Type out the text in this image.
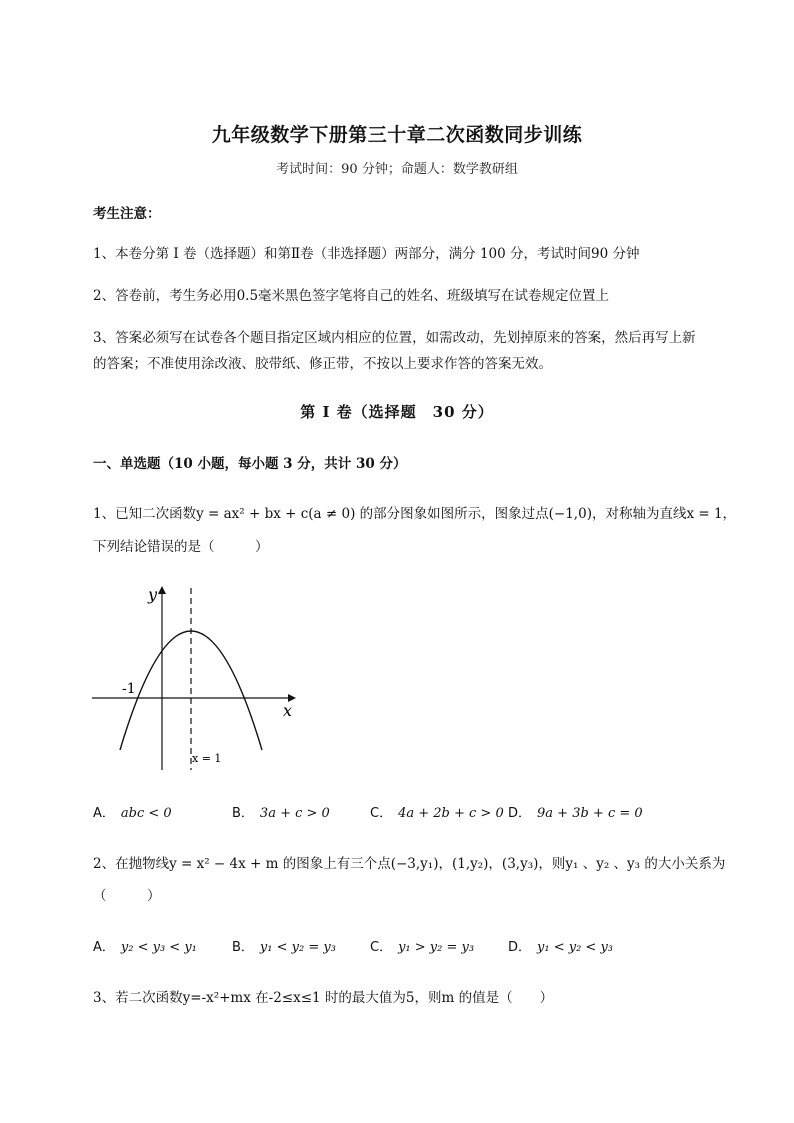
九年级数学下册第三十章二次函数同步训练
考试时间：90 分钟；命题人：数学教研组
考生注意：
1、本卷分第 I 卷（选择题）和第Ⅱ卷（非选择题）两部分，满分 100 分，考试时间90 分钟
2、答卷前，考生务必用0.5毫米黑色签字笔将自己的姓名、班级填写在试卷规定位置上
3、答案必须写在试卷各个题目指定区域内相应的位置，如需改动，先划掉原来的答案，然后再写上新
的答案；不准使用涂改液、胶带纸、修正带，不按以上要求作答的答案无效。
第 I 卷（选择题　30 分）
一、单选题（10 小题，每小题 3 分，共计 30 分）
1、已知二次函数y = ax² + bx + c(a ≠ 0) 的部分图象如图所示，图象过点(−1,0)，对称轴为直线x = 1，
下列结论错误的是（　　　）
y
x
-1
x = 1
A． abc < 0	B． 3a + c > 0	C． 4a + 2b + c > 0 D． 9a + 3b + c = 0
2、在抛物线y = x² − 4x + m 的图象上有三个点(−3,y₁)，(1,y₂)，(3,y₃)，则y₁ 、y₂ 、y₃ 的大小关系为
（　　　）
A． y₂ < y₃ < y₁	B． y₁ < y₂ = y₃	C． y₁ > y₂ = y₃	D． y₁ < y₂ < y₃
3、若二次函数y=-x²+mx 在-2≤x≤1 时的最大值为5，则m 的值是（　　）
